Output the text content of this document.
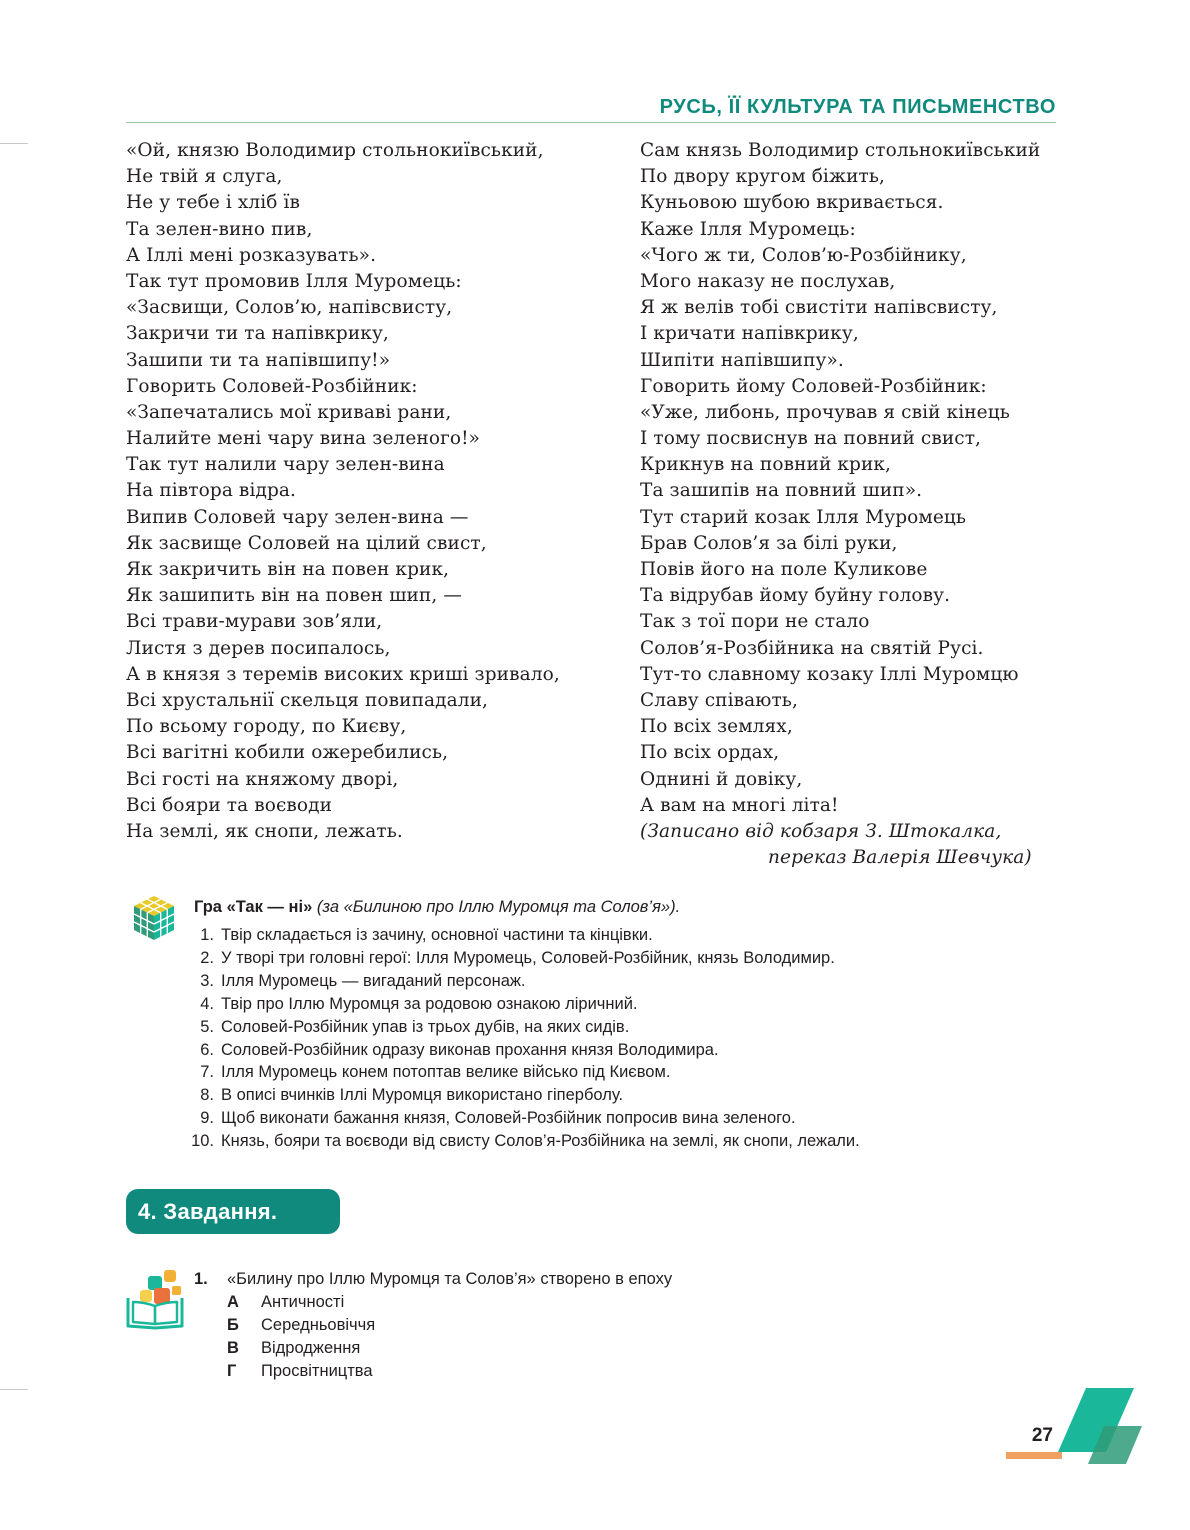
РУСЬ, ЇЇ КУЛЬТУРА ТА ПИСЬМЕНСТВО
«Ой, князю Володимир стольнокиївський,
Не твій я слуга,
Не у тебе і хліб їв
Та зелен-вино пив,
А Іллі мені розказувать».
Так тут промовив Ілля Муромець:
«Засвищи, Солов’ю, напівсвисту,
Закричи ти та напівкрику,
Зашипи ти та напівшипу!»
Говорить Соловей-Розбійник:
«Запечатались мої криваві рани,
Налийте мені чару вина зеленого!»
Так тут налили чару зелен-вина
На півтора відра.
Випив Соловей чару зелен-вина —
Як засвище Соловей на цілий свист,
Як закричить він на повен крик,
Як зашипить він на повен шип, —
Всі трави-мурави зов’яли,
Листя з дерев посипалось,
А в князя з теремів високих криші зривало,
Всі хрустальнії скельця повипадали,
По всьому городу, по Києву,
Всі вагітні кобили ожеребились,
Всі гості на княжому дворі,
Всі бояри та воєводи
На землі, як снопи, лежать.
Сам князь Володимир стольнокиївський
По двору кругом біжить,
Куньовою шубою вкривається.
Каже Ілля Муромець:
«Чого ж ти, Солов’ю-Розбійнику,
Мого наказу не послухав,
Я ж велів тобі свистіти напівсвисту,
І кричати напівкрику,
Шипіти напівшипу».
Говорить йому Соловей-Розбійник:
«Уже, либонь, прочував я свій кінець
І тому посвиснув на повний свист,
Крикнув на повний крик,
Та зашипів на повний шип».
Тут старий козак Ілля Муромець
Брав Солов’я за білі руки,
Повів його на поле Куликове
Та відрубав йому буйну голову.
Так з тої пори не стало
Солов’я-Розбійника на святій Русі.
Тут-то славному козаку Іллі Муромцю
Славу співають,
По всіх землях,
По всіх ордах,
Однині й довіку,
А вам на многі літа!
(Записано від кобзаря З. Штокалка,
переказ Валерія Шевчука)
Гра «Так — ні» (за «Билиною про Іллю Муромця та Солов’я»).
1. Твір складається із зачину, основної частини та кінцівки.
2. У творі три головні герої: Ілля Муромець, Соловей-Розбійник, князь Володимир.
3. Ілля Муромець — вигаданий персонаж.
4. Твір про Іллю Муромця за родовою ознакою ліричний.
5. Соловей-Розбійник упав із трьох дубів, на яких сидів.
6. Соловей-Розбійник одразу виконав прохання князя Володимира.
7. Ілля Муромець конем потоптав велике військо під Києвом.
8. В описі вчинків Іллі Муромця використано гіперболу.
9. Щоб виконати бажання князя, Соловей-Розбійник попросив вина зеленого.
10. Князь, бояри та воєводи від свисту Солов’я-Розбійника на землі, як снопи, лежали.
4. Завдання.
1. «Билину про Іллю Муромця та Солов’я» створено в епоху
А Античності
Б Середньовіччя
В Відродження
Г Просвітництва
27
